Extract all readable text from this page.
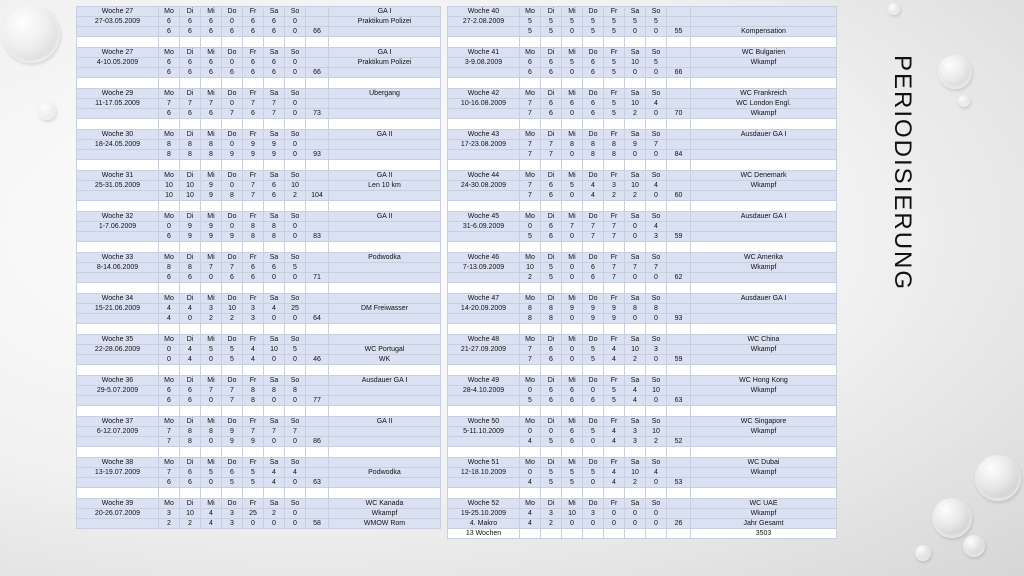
Woche 27	Mo	Di	Mi	Do	Fr	Sa	So		GA I
27-03.05.2009	6	6	6	0	6	6	0		Praktikum Polizei
	6	6	6	6	6	6	0	66	

Woche 27	Mo	Di	Mi	Do	Fr	Sa	So		GA I
4-10.05.2009	6	6	6	0	6	6	0		Praktikum Polizei
	6	6	6	6	6	6	0	66	

Woche 29	Mo	Di	Mi	Do	Fr	Sa	So		Übergang
11-17.05.2009	7	7	7	0	7	7	0		
	6	6	6	7	6	7	0	73	

Woche 30	Mo	Di	Mi	Do	Fr	Sa	So		GA II
18-24.05.2009	8	8	8	0	9	9	0		
	8	8	8	9	9	9	0	93	

Woche 31	Mo	Di	Mi	Do	Fr	Sa	So		GA II
25-31.05.2009	10	10	9	0	7	6	10		Len 10 km
	10	10	9	8	7	6	2	104	

Woche 32	Mo	Di	Mi	Do	Fr	Sa	So		GA II
1-7.06.2009	0	9	9	0	8	8	0		
	6	9	9	9	8	8	0	83	

Woche 33	Mo	Di	Mi	Do	Fr	Sa	So		Podwodka
8-14.06.2009	8	8	7	7	6	6	5		
	6	6	0	6	6	0	0	71	

Woche 34	Mo	Di	Mi	Do	Fr	Sa	So		
15-21.06.2009	4	4	3	10	3	4	25		DM Freiwasser
	4	0	2	2	3	0	0	64	

Woche 35	Mo	Di	Mi	Do	Fr	Sa	So		
22-28.06.2009	0	4	5	5	4	10	5		WC Portugal
	0	4	0	5	4	0	0	46	WK

Woche 36	Mo	Di	Mi	Do	Fr	Sa	So		Ausdauer GA I
29-5.07.2009	6	6	7	7	8	8	8		
	6	6	0	7	8	0	0	77	

Woche 37	Mo	Di	Mi	Do	Fr	Sa	So		GA II
6-12.07.2009	7	8	8	9	7	7	7		
	7	8	0	9	9	0	0	86	

Woche 38	Mo	Di	Mi	Do	Fr	Sa	So		
13-19.07.2009	7	6	5	6	5	4	4		Podwodka
	6	6	0	5	5	4	0	63	

Woche 39	Mo	Di	Mi	Do	Fr	Sa	So		WC Kanada
20-26.07.2009	3	10	4	3	25	2	0		Wkampf
	2	2	4	3	0	0	0	58	WMOW Rom
Woche 40	Mo	Di	Mi	Do	Fr	Sa	So		
27-2.08.2009	5	5	5	5	5	5	5		
	5	5	0	5	5	0	0	55	Kompensation

Woche 41	Mo	Di	Mi	Do	Fr	Sa	So		WC Bulgarien
3-9.08.2009	6	6	5	6	5	10	5		Wkampf
	6	6	0	6	5	0	0	66	

Woche 42	Mo	Di	Mi	Do	Fr	Sa	So		WC Frankreich
10-16.08.2009	7	6	6	6	5	10	4		WC London Engl.
	7	6	0	6	5	2	0	70	Wkampf

Woche 43	Mo	Di	Mi	Do	Fr	Sa	So		Ausdauer GA I
17-23.08.2009	7	7	8	8	8	9	7		
	7	7	0	8	8	0	0	84	

Woche 44	Mo	Di	Mi	Do	Fr	Sa	So		WC Denemark
24-30.08.2009	7	6	5	4	3	10	4		Wkampf
	7	6	0	4	2	2	0	60	

Woche 45	Mo	Di	Mi	Do	Fr	Sa	So		Ausdauer GA I
31-6.09.2009	0	6	7	7	7	0	4		
	5	6	0	7	7	0	3	59	

Woche 46	Mo	Di	Mi	Do	Fr	Sa	So		WC Amerika
7-13.09.2009	10	5	0	6	7	7	7		Wkampf
	2	5	0	6	7	0	0	62	

Woche 47	Mo	Di	Mi	Do	Fr	Sa	So		Ausdauer GA I
14-20.09.2009	8	8	9	9	9	8	8		
	8	8	0	9	9	0	0	93	

Woche 48	Mo	Di	Mi	Do	Fr	Sa	So		WC China
21-27.09.2009	7	6	0	5	4	10	3		Wkampf
	7	6	0	5	4	2	0	59	

Woche 49	Mo	Di	Mi	Do	Fr	Sa	So		WC Hong Kong
28-4.10.2009	0	6	6	0	5	4	10		Wkampf
	5	6	6	6	5	4	0	63	

Woche 50	Mo	Di	Mi	Do	Fr	Sa	So		WC Singapore
5-11.10.2009	0	0	6	5	4	3	10		Wkampf
	4	5	6	0	4	3	2	52	

Woche 51	Mo	Di	Mi	Do	Fr	Sa	So		WC Dubai
12-18.10.2009	0	5	5	5	4	10	4		Wkampf
	4	5	5	0	4	2	0	53	

Woche 52	Mo	Di	Mi	Do	Fr	Sa	So		WC UAE
19-25.10.2009	4	3	10	3	0	0	0		Wkampf
4. Makro	4	2	0	0	0	0	0	26	Jahr Gesamt
13 Wochen									3503
PERIODISIERUNG
